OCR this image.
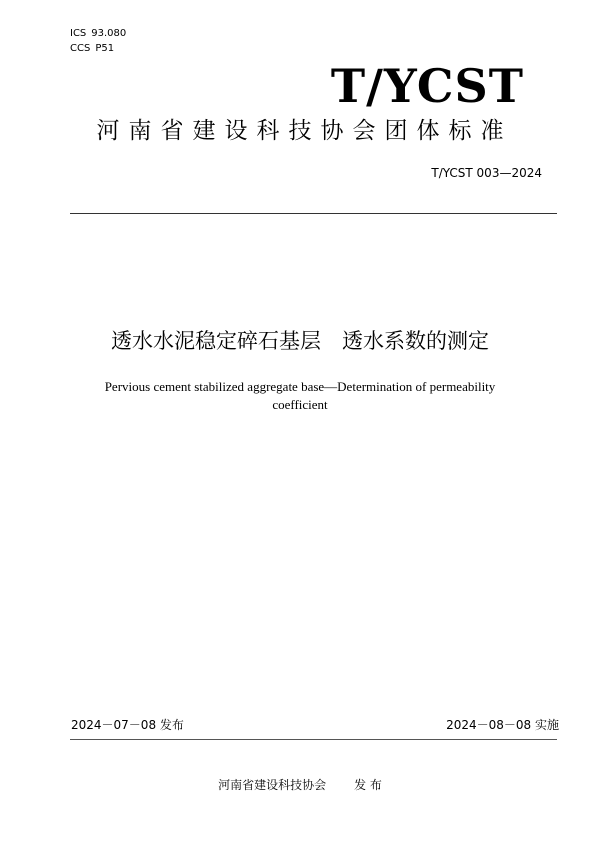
ICS 93.080
CCS P51
T/YCST
河南省建设科技协会团体标准
T/YCST 003—2024
透水水泥稳定碎石基层　透水系数的测定
Pervious cement stabilized aggregate base—Determination of permeability coefficient
2024－07－08 发布	2024－08－08 实施
河南省建设科技协会 发 布
